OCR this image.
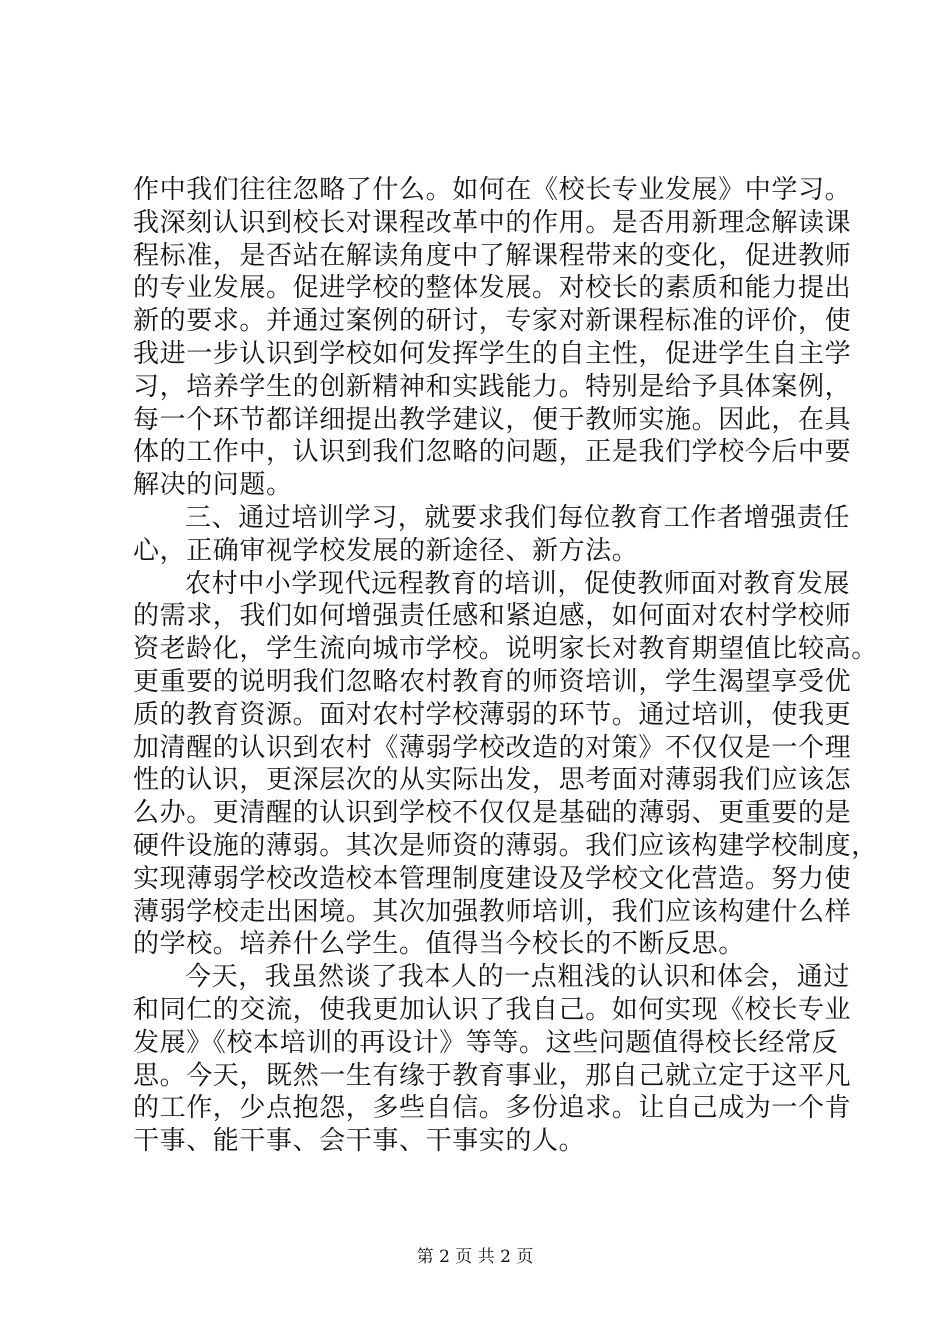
作中我们往往忽略了什么。如何在《校长专业发展》中学习。
我深刻认识到校长对课程改革中的作用。是否用新理念解读课
程标准，是否站在解读角度中了解课程带来的变化，促进教师
的专业发展。促进学校的整体发展。对校长的素质和能力提出
新的要求。并通过案例的研讨，专家对新课程标准的评价，使
我进一步认识到学校如何发挥学生的自主性，促进学生自主学
习，培养学生的创新精神和实践能力。特别是给予具体案例，
每一个环节都详细提出教学建议，便于教师实施。因此，在具
体的工作中，认识到我们忽略的问题，正是我们学校今后中要
解决的问题。
三、通过培训学习，就要求我们每位教育工作者增强责任
心，正确审视学校发展的新途径、新方法。
农村中小学现代远程教育的培训，促使教师面对教育发展
的需求，我们如何增强责任感和紧迫感，如何面对农村学校师
资老龄化，学生流向城市学校。说明家长对教育期望值比较高。
更重要的说明我们忽略农村教育的师资培训，学生渴望享受优
质的教育资源。面对农村学校薄弱的环节。通过培训，使我更
加清醒的认识到农村《薄弱学校改造的对策》不仅仅是一个理
性的认识，更深层次的从实际出发，思考面对薄弱我们应该怎
么办。更清醒的认识到学校不仅仅是基础的薄弱、更重要的是
硬件设施的薄弱。其次是师资的薄弱。我们应该构建学校制度，
实现薄弱学校改造校本管理制度建设及学校文化营造。努力使
薄弱学校走出困境。其次加强教师培训，我们应该构建什么样
的学校。培养什么学生。值得当今校长的不断反思。
今天，我虽然谈了我本人的一点粗浅的认识和体会，通过
和同仁的交流，使我更加认识了我自己。如何实现《校长专业
发展》《校本培训的再设计》等等。这些问题值得校长经常反
思。今天，既然一生有缘于教育事业，那自己就立定于这平凡
的工作，少点抱怨，多些自信。多份追求。让自己成为一个肯
干事、能干事、会干事、干事实的人。
第 2 页 共 2 页
